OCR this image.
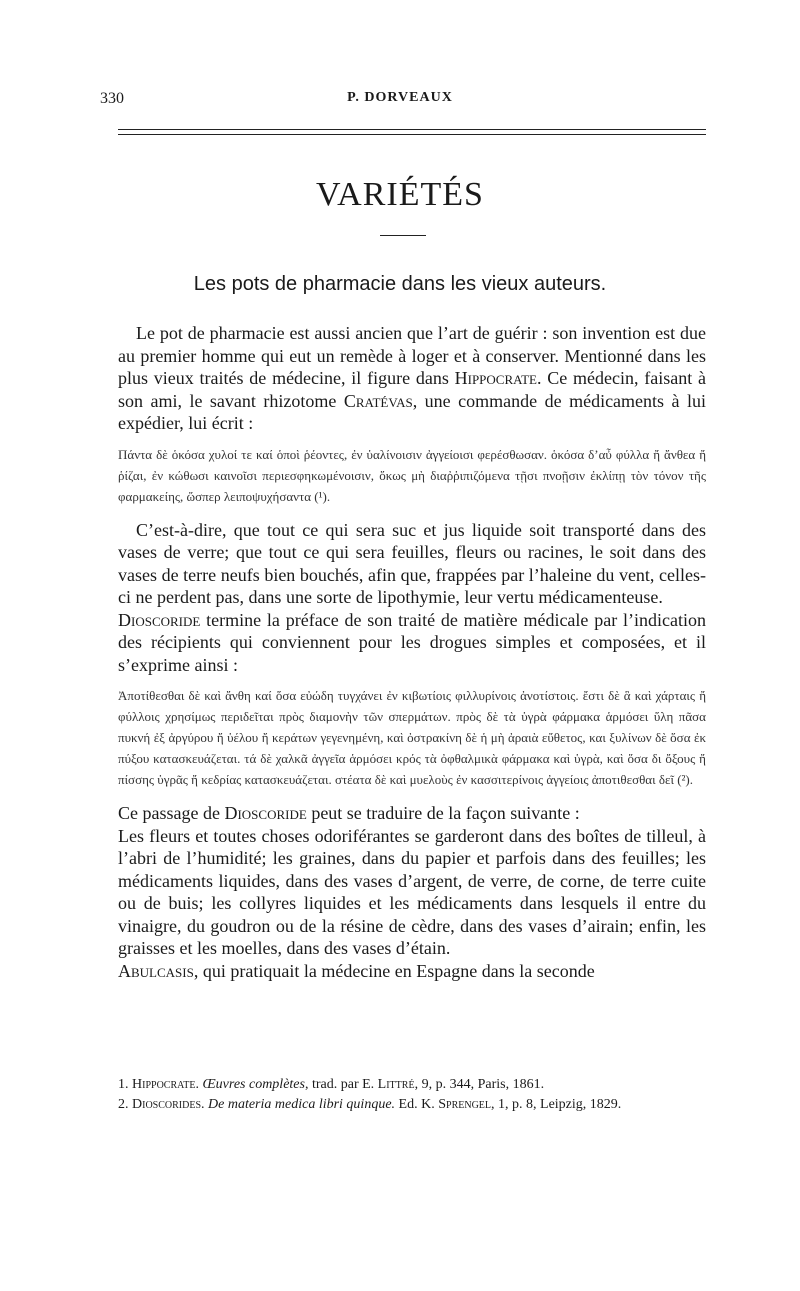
330	P. DORVEAUX
VARIÉTÉS
Les pots de pharmacie dans les vieux auteurs.

Le pot de pharmacie est aussi ancien que l’art de guérir : son invention est due au premier homme qui eut un remède à loger et à conserver. Mentionné dans les plus vieux traités de médecine, il figure dans Hippocrate. Ce médecin, faisant à son ami, le savant rhizotome Cratévas, une commande de médicaments à lui expédier, lui écrit :

Πάντα δὲ ὁκόσα χυλοί τε καί ὁποὶ ῥέοντες, ἐν ὑαλίνοισιν ἀγγείοισι φερέσθωσαν. ὁκόσα δ’αὖ φύλλα ἤ ἄνθεα ἤ ῥίζαι, ἐν κώθωσι καινοῖσι περιεσφηκωμένοισιν, ὅκως μὴ διαῤῥιπιζόμενα τῇσι πνοῇσιν ἐκλίπῃ τὸν τόνον τῆς φαρμακείης, ὥσπερ λειποψυχήσαντα (¹).

C’est-à-dire, que tout ce qui sera suc et jus liquide soit transporté dans des vases de verre; que tout ce qui sera feuilles, fleurs ou racines, le soit dans des vases de terre neufs bien bouchés, afin que, frappées par l’haleine du vent, celles-ci ne perdent pas, dans une sorte de lipothymie, leur vertu médicamenteuse.

Dioscoride termine la préface de son traité de matière médicale par l’indication des récipients qui conviennent pour les drogues simples et composées, et il s’exprime ainsi :

Ἀποτίθεσθαι δὲ καὶ ἄνθη καί ὅσα εὐώδη τυγχάνει ἐν κιβωτίοις φιλλυρίνοις ἀνοτίστοις. ἔστι δὲ ἃ καὶ χάρταις ἤ φύλλοις χρησίμως περιδεῖται πρὸς διαμονὴν τῶν σπερμάτων. πρὸς δὲ τὰ ὑγρὰ φάρμακα ἁρμόσει ὕλη πᾶσα πυκνή ἐξ ἀργύρου ἤ ὑέλου ἤ κεράτων γεγενημένη, καὶ ὀστρακίνη δὲ ἡ μὴ ἀραιὰ εὔθετος, και ξυλίνων δὲ ὅσα ἐκ πύξου κατασκευάζεται. τά δὲ χαλκᾶ ἀγγεῖα ἁρμόσει κρός τὰ ὀφθαλμικὰ φάρμακα καὶ ὑγρὰ, καὶ ὅσα δι ὄξους ἤ πίσσης ὑγρᾶς ἤ κεδρίας κατασκευάζεται. στέατα δὲ καὶ μυελοὺς ἐν κασσιτερίνοις ἀγγείοις ἀποτιθεσθαι δεῖ (²).

Ce passage de Dioscoride peut se traduire de la façon suivante :

Les fleurs et toutes choses odoriférantes se garderont dans des boîtes de tilleul, à l’abri de l’humidité; les graines, dans du papier et parfois dans des feuilles; les médicaments liquides, dans des vases d’argent, de verre, de corne, de terre cuite ou de buis; les collyres liquides et les médicaments dans lesquels il entre du vinaigre, du goudron ou de la résine de cèdre, dans des vases d’airain; enfin, les graisses et les moelles, dans des vases d’étain.

Abulcasis, qui pratiquait la médecine en Espagne dans la seconde

1. Hippocrate. Œuvres complètes, trad. par E. Littré, 9, p. 344, Paris, 1861.

2. Dioscorides. De materia medica libri quinque. Ed. K. Sprengel, 1, p. 8, Leipzig, 1829.
